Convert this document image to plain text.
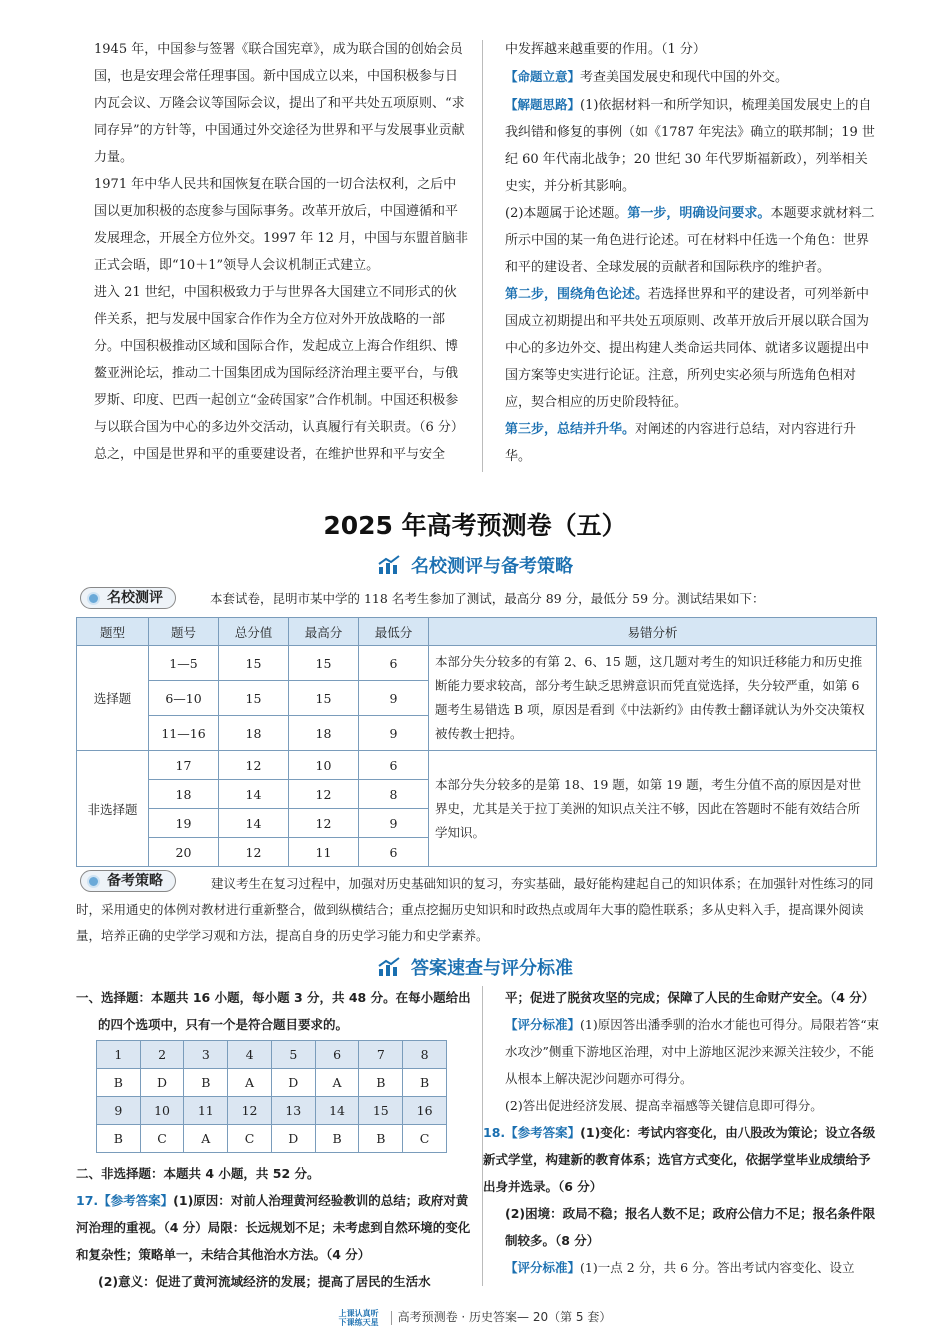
1945 年，中国参与签署《联合国宪章》，成为联合国的创始会员国，也是安理会常任理事国。新中国成立以来，中国积极参与日内瓦会议、万隆会议等国际会议，提出了和平共处五项原则、“求同存异”的方针等，中国通过外交途径为世界和平与发展事业贡献力量。

1971 年中华人民共和国恢复在联合国的一切合法权利，之后中国以更加积极的态度参与国际事务。改革开放后，中国遵循和平发展理念，开展全方位外交。1997 年 12 月，中国与东盟首脑非正式会晤，即“10＋1”领导人会议机制正式建立。

进入 21 世纪，中国积极致力于与世界各大国建立不同形式的伙伴关系，把与发展中国家合作作为全方位对外开放战略的一部分。中国积极推动区域和国际合作，发起成立上海合作组织、博鳌亚洲论坛，推动二十国集团成为国际经济治理主要平台，与俄罗斯、印度、巴西一起创立“金砖国家”合作机制。中国还积极参与以联合国为中心的多边外交活动，认真履行有关职责。（6 分）

总之，中国是世界和平的重要建设者，在维护世界和平与安全

中发挥越来越重要的作用。（1 分）

【命题立意】考查美国发展史和现代中国的外交。

【解题思路】(1)依据材料一和所学知识，梳理美国发展史上的自我纠错和修复的事例（如《1787 年宪法》确立的联邦制；19 世纪 60 年代南北战争；20 世纪 30 年代罗斯福新政），列举相关史实，并分析其影响。

(2)本题属于论述题。第一步，明确设问要求。本题要求就材料二所示中国的某一角色进行论述。可在材料中任选一个角色：世界和平的建设者、全球发展的贡献者和国际秩序的维护者。

第二步，围绕角色论述。若选择世界和平的建设者，可列举新中国成立初期提出和平共处五项原则、改革开放后开展以联合国为中心的多边外交、提出构建人类命运共同体、就诸多议题提出中国方案等史实进行论证。注意，所列史实必须与所选角色相对应，契合相应的历史阶段特征。

第三步，总结并升华。对阐述的内容进行总结，对内容进行升华。

2025 年高考预测卷（五）
名校测评与备考策略
名校测评	本套试卷，昆明市某中学的 118 名考生参加了测试，最高分 89 分，最低分 59 分。测试结果如下：
题型	题号	总分值	最高分	最低分	易错分析
选择题	1—5	15	15	6	本部分失分较多的有第 2、6、15 题，这几题对考生的知识迁移能力和历史推断能力要求较高，部分考生缺乏思辨意识而凭直觉选择，失分较严重，如第 6 题考生易错选 B 项，原因是看到《中法新约》由传教士翻译就认为外交决策权被传教士把持。
	6—10	15	15	9	
	11—16	18	18	9	
非选择题	17	12	10	6	本部分失分较多的是第 18、19 题，如第 19 题，考生分值不高的原因是对世界史，尤其是关于拉丁美洲的知识点关注不够，因此在答题时不能有效结合所学知识。
	18	14	12	8	
	19	14	12	9	
	20	12	11	6	
备考策略	建议考生在复习过程中，加强对历史基础知识的复习，夯实基础，最好能构建起自己的知识体系；在加强针对性练习的同时，采用通史的体例对教材进行重新整合，做到纵横结合；重点挖掘历史知识和时政热点或周年大事的隐性联系；多从史料入手，提高课外阅读量，培养正确的史学学习观和方法，提高自身的历史学习能力和史学素养。
答案速查与评分标准

一、选择题：本题共 16 小题，每小题 3 分，共 48 分。在每小题给出

的四个选项中，只有一个是符合题目要求的。

1	2	3	4	5	6	7	8
B	D	B	A	D	A	B	B
9	10	11	12	13	14	15	16
B	C	A	C	D	B	B	C

二、非选择题：本题共 4 小题，共 52 分。

17.【参考答案】(1)原因：对前人治理黄河经验教训的总结；政府对黄河治理的重视。（4 分）局限：长远规划不足；未考虑到自然环境的变化和复杂性；策略单一，未结合其他治水方法。（4 分）

(2)意义：促进了黄河流域经济的发展；提高了居民的生活水

平；促进了脱贫攻坚的完成；保障了人民的生命财产安全。（4 分）

【评分标准】(1)原因答出潘季驯的治水才能也可得分。局限若答“束水攻沙”侧重下游地区治理，对中上游地区泥沙来源关注较少，不能从根本上解决泥沙问题亦可得分。

(2)答出促进经济发展、提高幸福感等关键信息即可得分。

18.【参考答案】(1)变化：考试内容变化，由八股改为策论；设立各级新式学堂，构建新的教育体系；选官方式变化，依据学堂毕业成绩给予出身并选录。（6 分）

(2)困境：政局不稳；报名人数不足；政府公信力不足；报名条件限制较多。（8 分）

【评分标准】(1)一点 2 分，共 6 分。答出考试内容变化、设立

上课认真听
下课练天星 高考预测卷 · 历史答案— 20（第 5 套）
